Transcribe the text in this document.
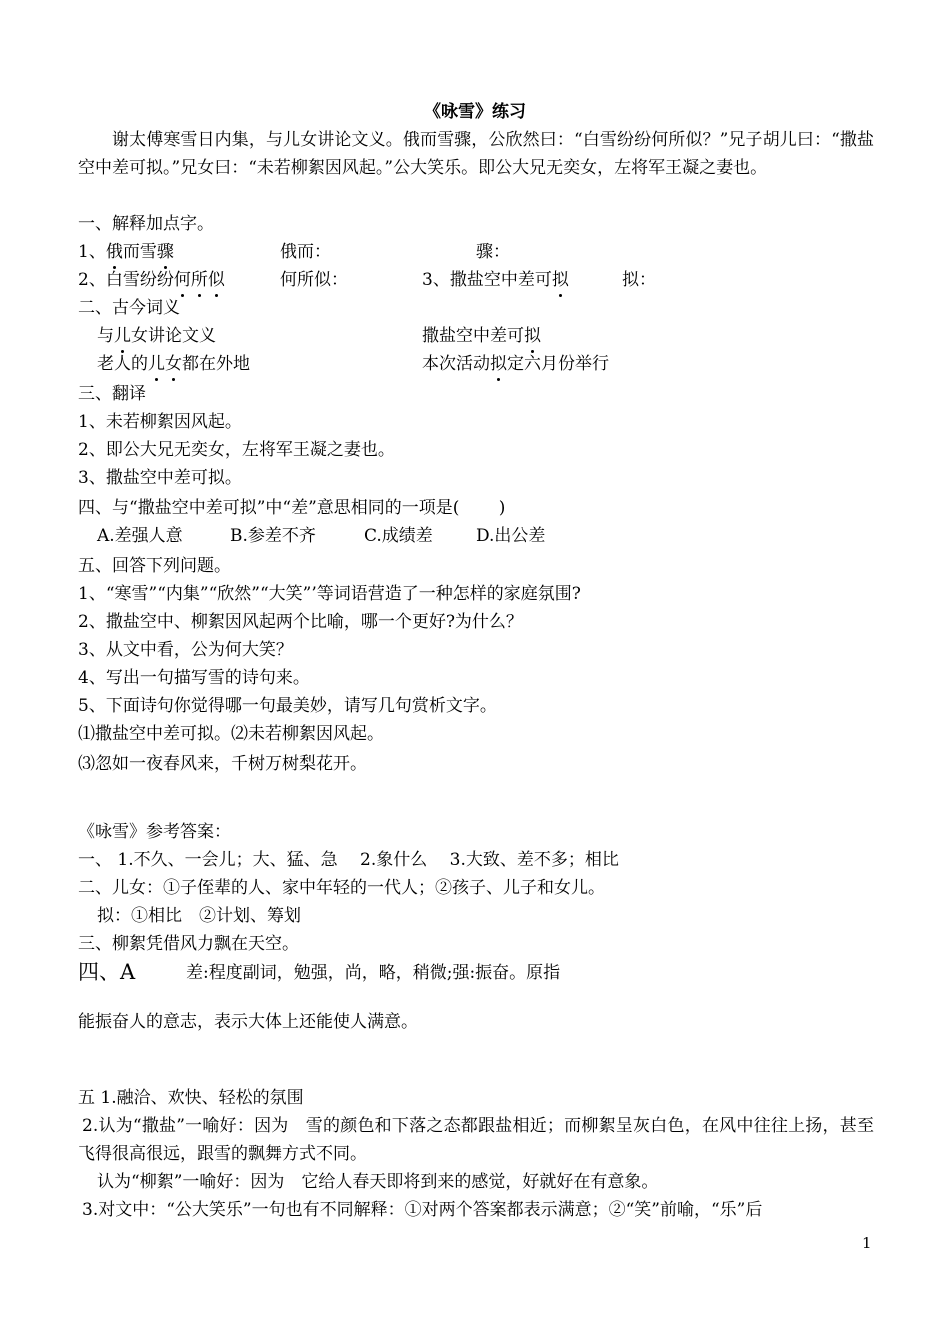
《咏雪》练习
谢太傅寒雪日内集，与儿女讲论文义。俄而雪骤，公欣然曰：“白雪纷纷何所似？”兄子胡儿曰：“撒盐空中差可拟。”兄女曰：“未若柳絮因风起。”公大笑乐。即公大兄无奕女，左将军王凝之妻也。
一、解释加点字。
1、俄而雪骤	俄而：	骤：
2、白雪纷纷何所似	何所似：	3、撒盐空中差可拟	拟：
二、古今词义
与儿女讲论文义	撒盐空中差可拟
老人的儿女都在外地	本次活动拟定六月份举行
三、翻译
1、未若柳絮因风起。
2、即公大兄无奕女，左将军王凝之妻也。
3、撒盐空中差可拟。
四、与“撒盐空中差可拟”中“差”意思相同的一项是(　　 )
A.差强人意	B.参差不齐	C.成绩差	D.出公差
五、回答下列问题。
1、“寒雪”“内集”“欣然”“大笑”’等词语营造了一种怎样的家庭氛围?
2、撒盐空中、柳絮因风起两个比喻，哪一个更好?为什么？
3、从文中看，公为何大笑？
4、写出一句描写雪的诗句来。
5、下面诗句你觉得哪一句最美妙，请写几句赏析文字。
⑴撒盐空中差可拟。⑵未若柳絮因风起。
⑶忽如一夜春风来，千树万树梨花开。
《咏雪》参考答案：
一、 1.不久、一会儿；大、猛、急　 2.象什么　 3.大致、差不多；相比
二、儿女：①子侄辈的人、家中年轻的一代人；②孩子、儿子和女儿。
拟：①相比　②计划、筹划
三、柳絮凭借风力飘在天空。
四、A	差:程度副词，勉强，尚，略，稍微;强:振奋。原指
能振奋人的意志，表示大体上还能使人满意。
五 1.融洽、欢快、轻松的氛围
2.认为“撒盐”一喻好：因为　雪的颜色和下落之态都跟盐相近；而柳絮呈灰白色，在风中往往上扬，甚至飞得很高很远，跟雪的飘舞方式不同。
认为“柳絮”一喻好：因为　它给人春天即将到来的感觉，好就好在有意象。
3.对文中：“公大笑乐”一句也有不同解释：①对两个答案都表示满意；②“笑”前喻，“乐”后
1
